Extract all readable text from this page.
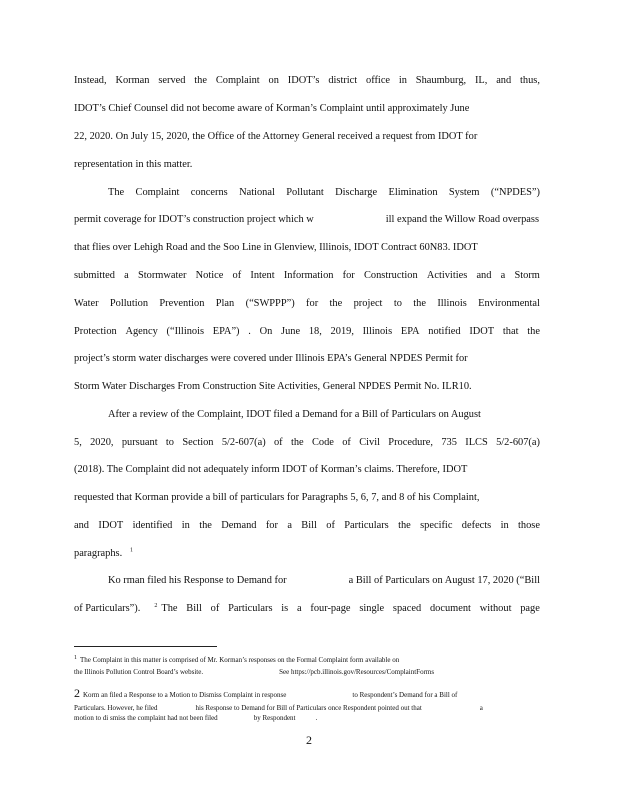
Instead, Korman served the Complaint on IDOT’s district office in Shaumburg, IL, and thus,
IDOT’s Chief Counsel did not become aware of Korman’s Complaint until approximately June
22, 2020. On July 15, 2020, the Office of the Attorney General received a request from IDOT for
representation in this matter.
The Complaint concerns National Pollutant Discharge Elimination System (“NPDES”)
permit coverage for IDOT’s construction project which w	ill expand the Willow Road overpass
that flies over Lehigh Road and the Soo Line in Glenview, Illinois, IDOT Contract 60N83. IDOT
submitted a Stormwater Notice of Intent Information for Construction Activities and a Storm
Water Pollution Prevention Plan (“SWPPP”) for the project to the Illinois Environmental
Protection Agency (“Illinois EPA”) . On June 18, 2019, Illinois EPA notified IDOT that the
project’s storm water discharges were covered under Illinois EPA’s General NPDES Permit for
Storm Water Discharges From Construction Site Activities, General NPDES Permit No. ILR10.
After a review of the Complaint, IDOT filed a Demand for a Bill of Particulars on August
5, 2020, pursuant to Section 5/2-607(a) of the Code of Civil Procedure, 735 ILCS 5/2-607(a)
(2018). The Complaint did not adequately inform IDOT of Korman’s claims. Therefore, IDOT
requested that Korman provide a bill of particulars for Paragraphs 5, 6, 7, and 8 of his Complaint,
and IDOT identified in the Demand for a Bill of Particulars the specific defects in those
paragraphs. $^1$
Ko rman filed his Response to Demand for	a Bill of Particulars on August 17, 2020 (“Bill
of Particulars”). 2 The Bill of Particulars is a four-page single spaced document without page
1 The Complaint in this matter is comprised of Mr. Korman’s responses on the Formal Complaint form available on
the Illinois Pollution Control Board’s website.	See https://pcb.illinois.gov/Resources/ComplaintForms
2 Korm an filed a Response to a Motion to Dismiss Complaint in response	to Respondent’s Demand for a Bill of
Particulars. However, he filed	his Response to Demand for Bill of Particulars once Respondent pointed out that	a
motion to di smiss the complaint had not been filed	by Respondent	.
2
